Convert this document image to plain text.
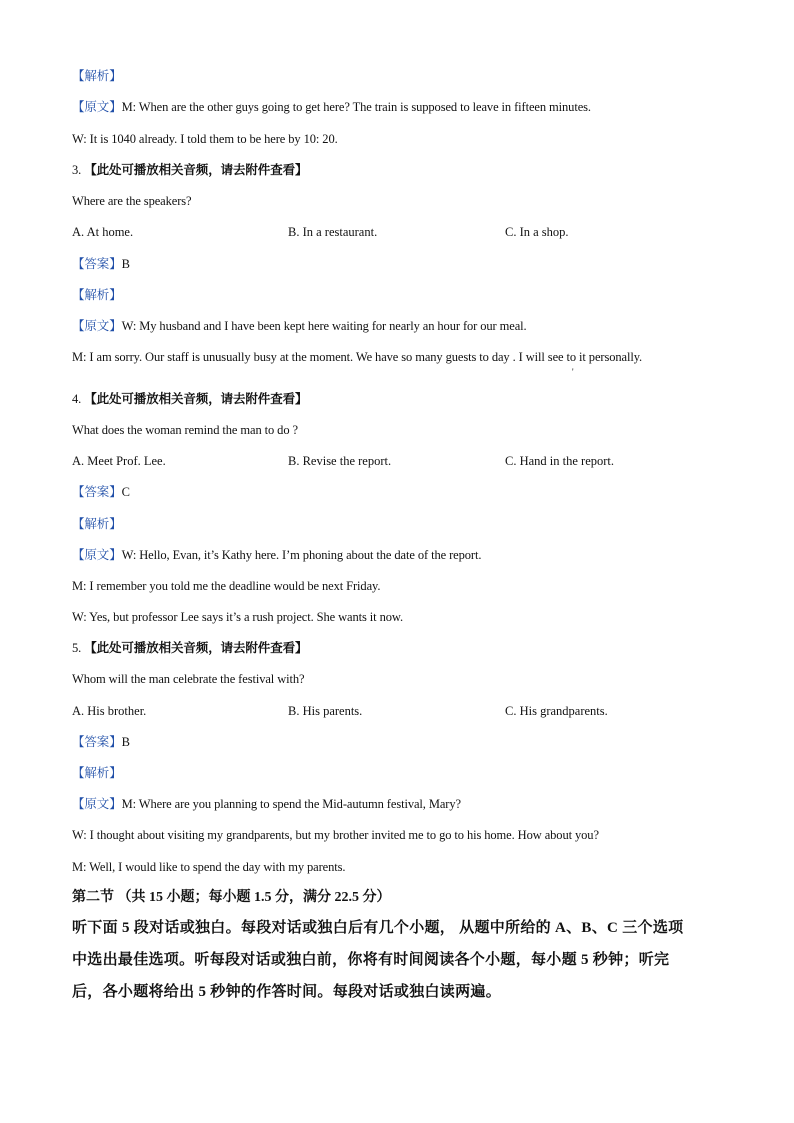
【解析】
【原文】M: When are the other guys going to get here? The train is supposed to leave in fifteen minutes.
W: It is 1040 already. I told them to be here by 10: 20.
3. 【此处可播放相关音频，请去附件查看】
Where are the speakers?
A. At home.	B. In a restaurant.	C. In a shop.
【答案】B
【解析】
【原文】W: My husband and I have been kept here waiting for nearly an hour for our meal.
M: I am sorry. Our staff is unusually busy at the moment. We have so many guests to day . I will see to it personally.
4. 【此处可播放相关音频，请去附件查看】
What does the woman remind the man to do ?
A. Meet Prof. Lee.	B. Revise the report.	C. Hand in the report.
【答案】C
【解析】
【原文】W: Hello, Evan, it’s Kathy here. I’m phoning about the date of the report.
M: I remember you told me the deadline would be next Friday.
W: Yes, but professor Lee says it’s a rush project. She wants it now.
5. 【此处可播放相关音频，请去附件查看】
Whom will the man celebrate the festival with?
A. His brother.	B. His parents.	C. His grandparents.
【答案】B
【解析】
【原文】M: Where are you planning to spend the Mid-autumn festival, Mary?
W: I thought about visiting my grandparents, but my brother invited me to go to his home. How about you?
M: Well, I would like to spend the day with my parents.
第二节 （共 15 小题；每小题 1.5 分，满分 22.5 分）
听下面 5 段对话或独白。每段对话或独白后有几个小题， 从题中所给的 A、B、C 三个选项
中选出最佳选项。听每段对话或独白前，你将有时间阅读各个小题，每小题 5 秒钟；听完
后，各小题将给出 5 秒钟的作答时间。每段对话或独白读两遍。
'
